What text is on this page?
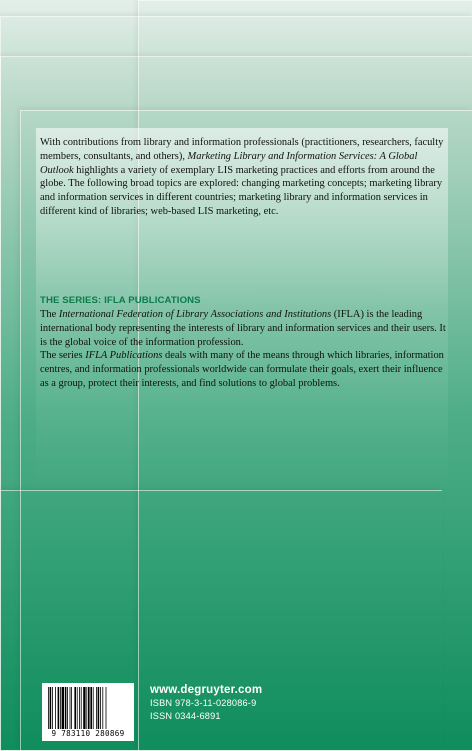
With contributions from library and information professionals (practitioners, researchers, faculty members, consultants, and others), Marketing Library and Information Services: A Global Outlook highlights a variety of exemplary LIS marketing practices and efforts from around the globe. The following broad topics are explored: changing marketing concepts; marketing library and information services in different countries; marketing library and information services in different kind of libraries; web-based LIS marketing, etc.

THE SERIES: IFLA PUBLICATIONS

The International Federation of Library Associations and Institutions (IFLA) is the leading international body representing the interests of library and information services and their users. It is the global voice of the information profession.

The series IFLA Publications deals with many of the means through which libraries, information centres, and information professionals worldwide can formulate their goals, exert their influence as a group, protect their interests, and find solutions to global problems.

9 783110 280869
www.degruyter.com
ISBN 978-3-11-028086-9
ISSN 0344-6891
